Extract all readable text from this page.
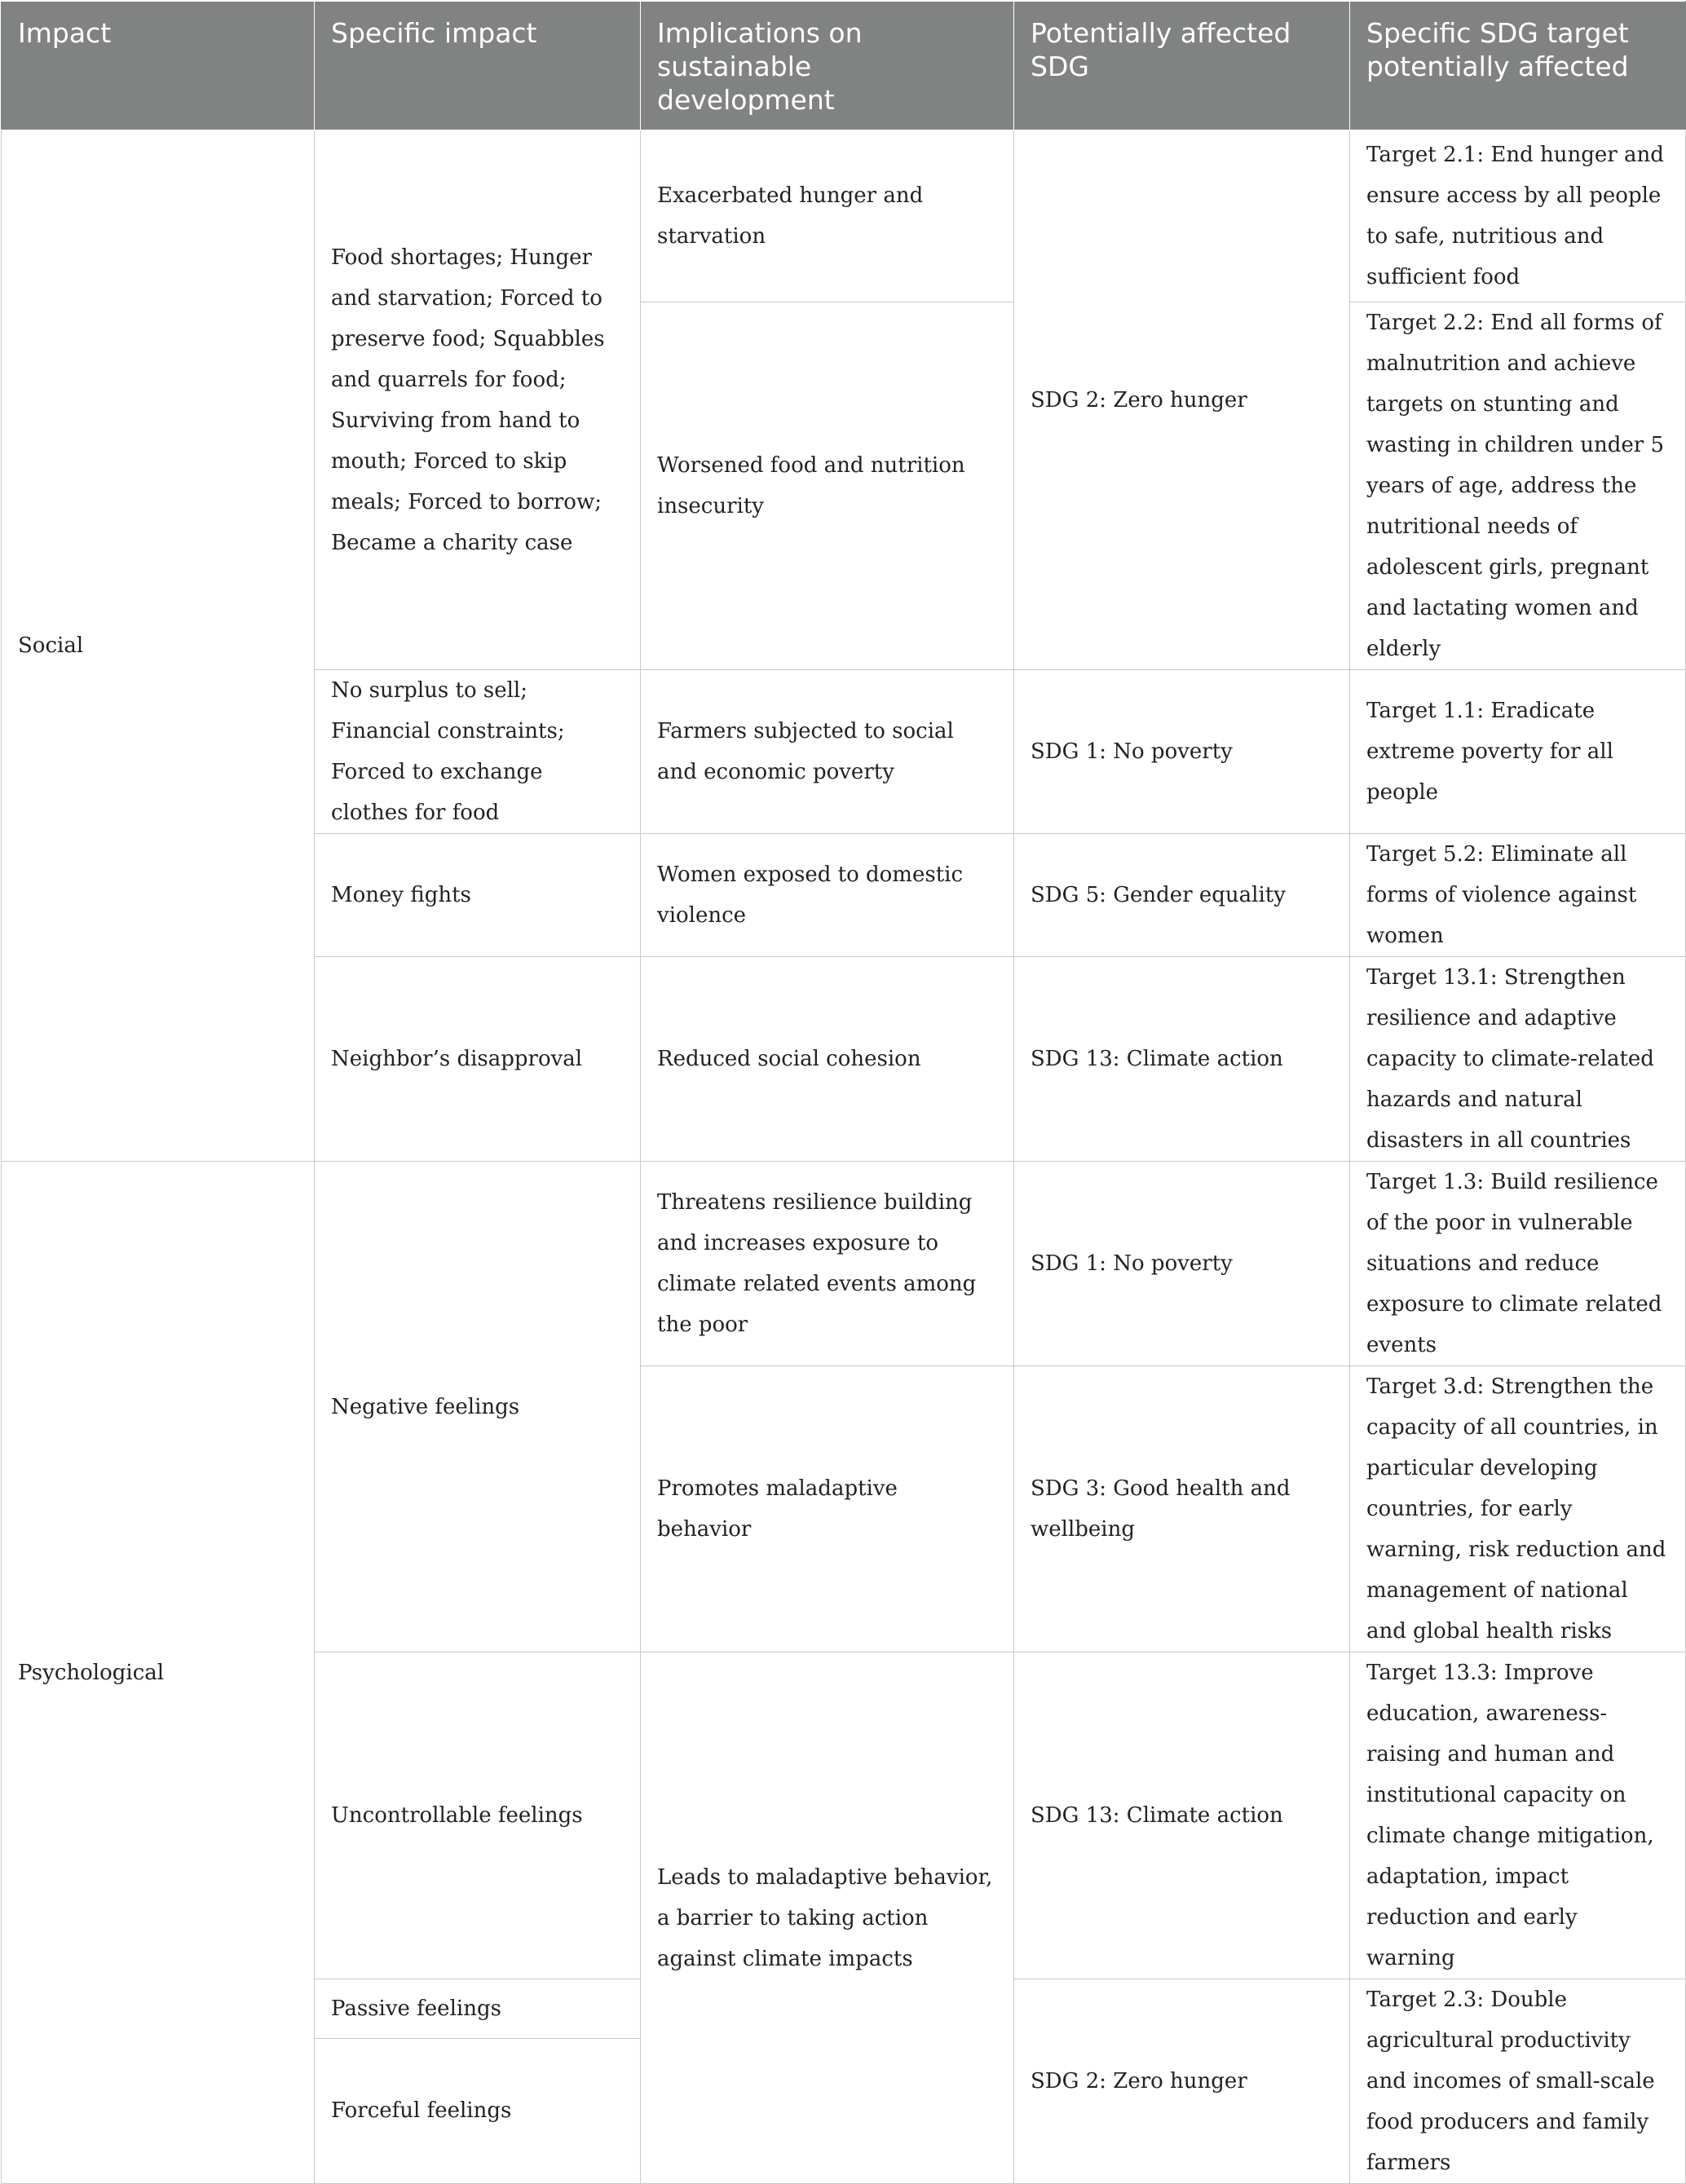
Impact	Specific impact	Implications on sustainable development	Potentially affected SDG	Specific SDG target potentially affected
Social	Food shortages; Hunger and starvation; Forced to preserve food; Squabbles and quarrels for food; Surviving from hand to mouth; Forced to skip meals; Forced to borrow; Became a charity case	Exacerbated hunger and starvation	SDG 2: Zero hunger	Target 2.1: End hunger and ensure access by all people to safe, nutritious and sufficient food
		Worsened food and nutrition insecurity		Target 2.2: End all forms of malnutrition and achieve targets on stunting and wasting in children under 5 years of age, address the nutritional needs of adolescent girls, pregnant and lactating women and elderly
	No surplus to sell; Financial constraints; Forced to exchange clothes for food	Farmers subjected to social and economic poverty	SDG 1: No poverty	Target 1.1: Eradicate extreme poverty for all people
	Money fights	Women exposed to domestic violence	SDG 5: Gender equality	Target 5.2: Eliminate all forms of violence against women
	Neighbor’s disapproval	Reduced social cohesion	SDG 13: Climate action	Target 13.1: Strengthen resilience and adaptive capacity to climate-related hazards and natural disasters in all countries
Psychological	Negative feelings	Threatens resilience building and increases exposure to climate related events among the poor	SDG 1: No poverty	Target 1.3: Build resilience of the poor in vulnerable situations and reduce exposure to climate related events
		Promotes maladaptive behavior	SDG 3: Good health and wellbeing	Target 3.d: Strengthen the capacity of all countries, in particular developing countries, for early warning, risk reduction and management of national and global health risks
	Uncontrollable feelings	Leads to maladaptive behavior, a barrier to taking action against climate impacts	SDG 13: Climate action	Target 13.3: Improve education, awareness-raising and human and institutional capacity on climate change mitigation, adaptation, impact reduction and early warning
	Passive feelings		SDG 2: Zero hunger	Target 2.3: Double agricultural productivity and incomes of small-scale food producers and family farmers
	Forceful feelings			
